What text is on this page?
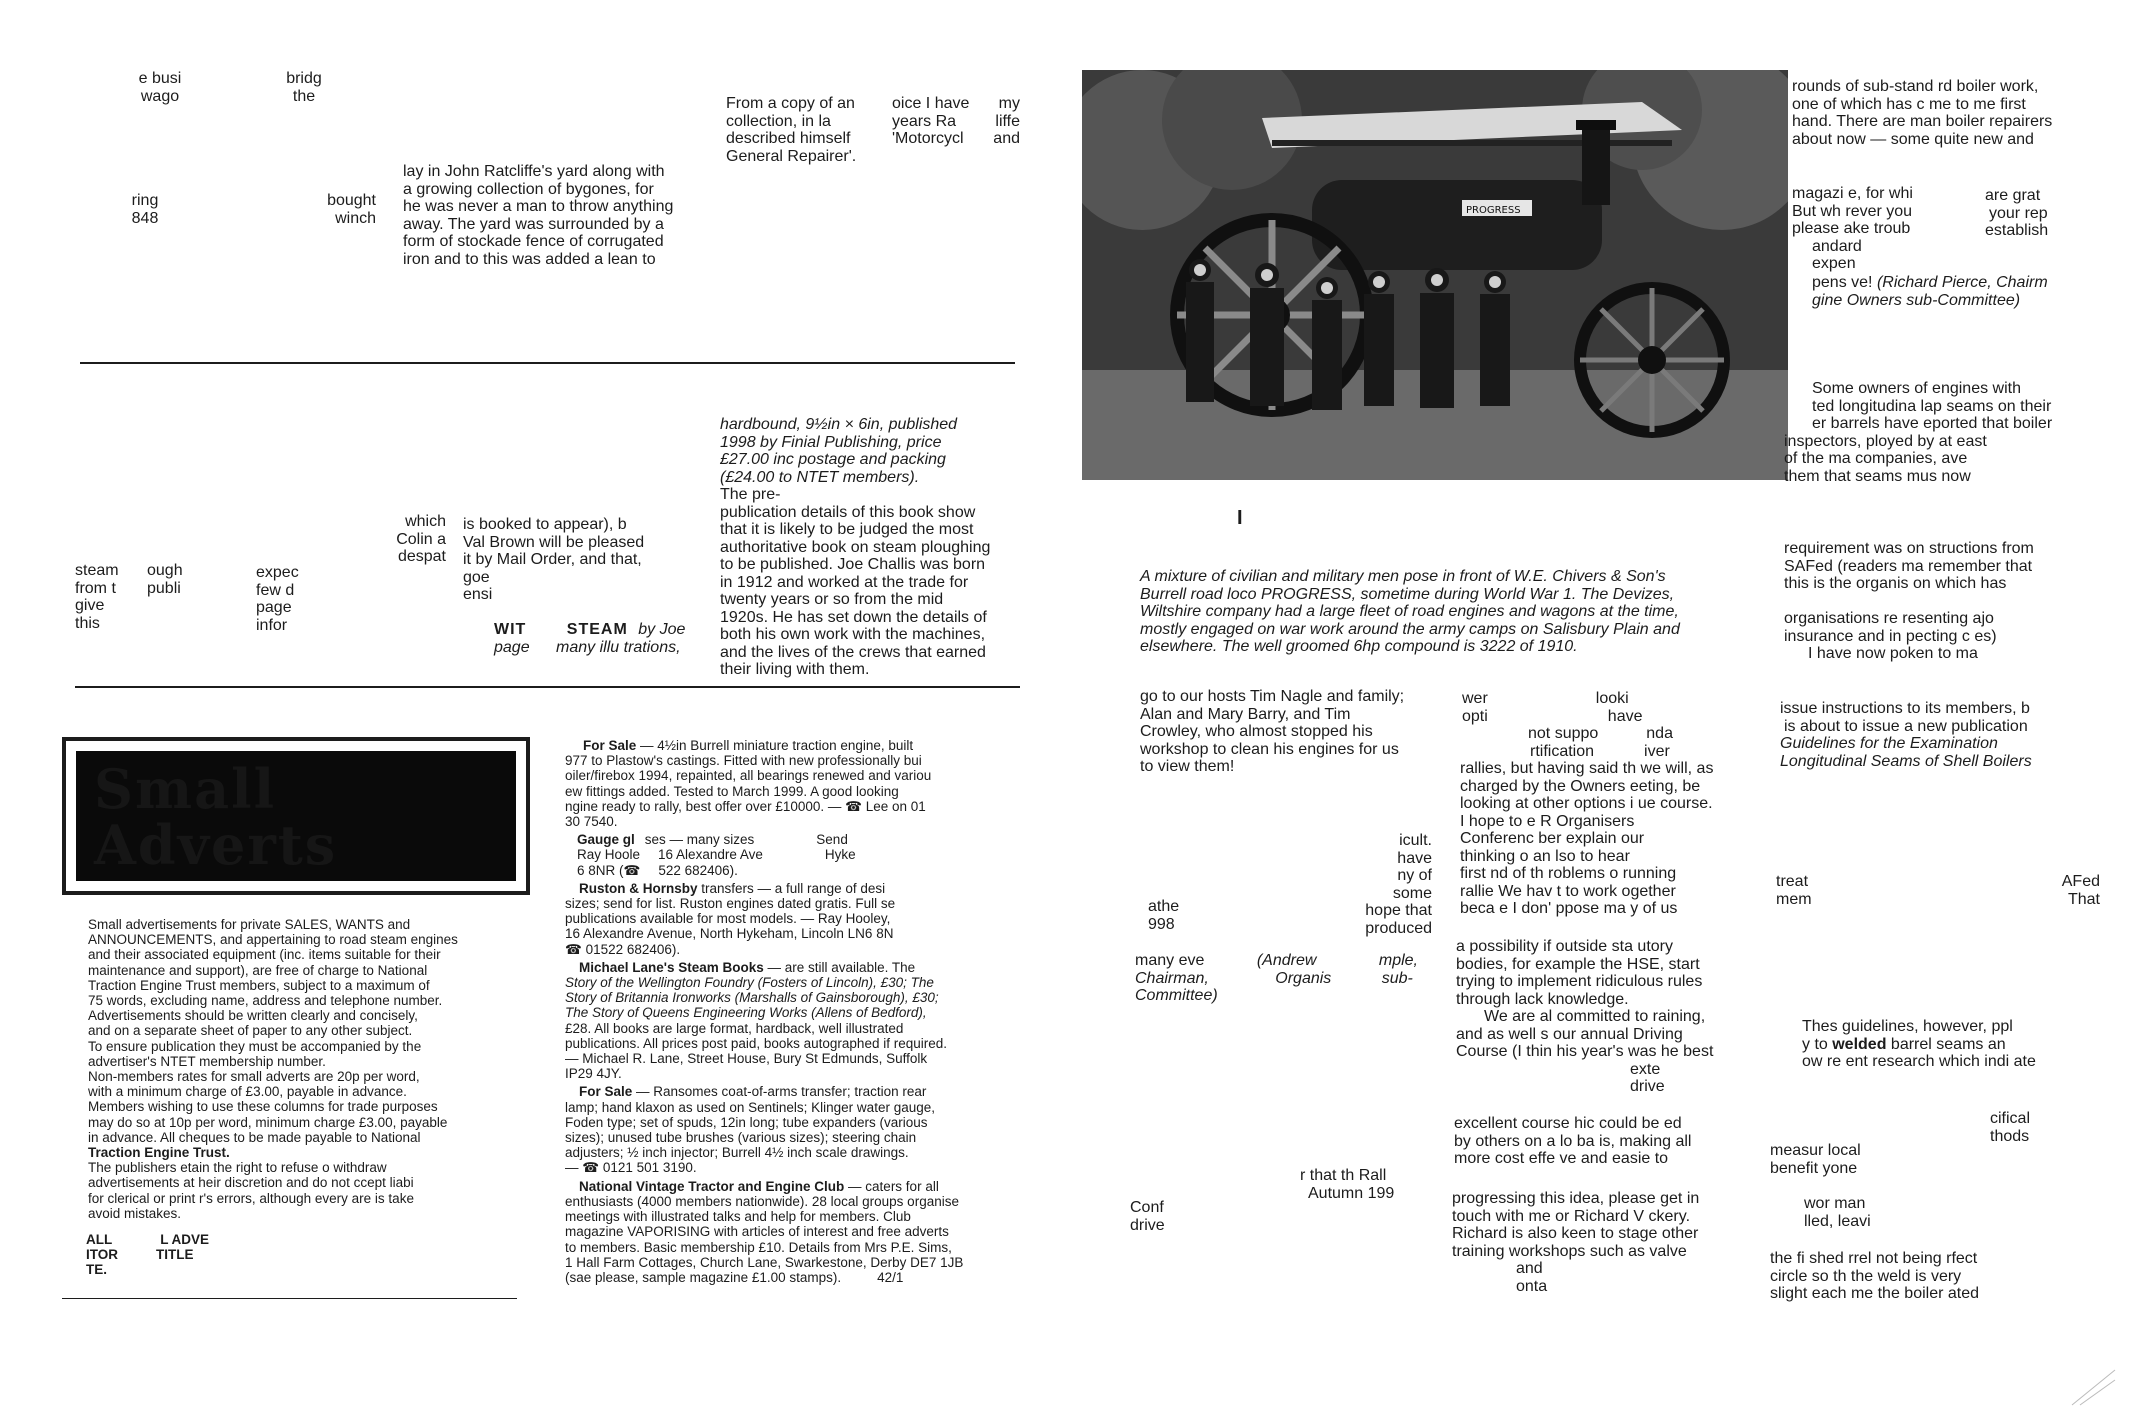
e busi
wago
bridg
the
ring
848
bought
winch
lay in John Ratcliffe's yard along with
a growing collection of bygones, for
he was never a man to throw anything
away. The yard was surrounded by a
form of stockade fence of corrugated
iron and to this was added a lean to
From a copy of an
collection, in la
described himself
General Repairer'.
oice I have
years Ra
'Motorcycl
my
liffe
and
steam
from t
give
this
ough
publi
expec
few d
page
infor
which
Colin a
despat
is booked to appear), b
Val Brown will be pleased
it by Mail Order, and that,
goe
ensi
WIT	STEAM by Joe
page many illu trations,
hardbound, 9½in × 6in, published
1998 by Finial Publishing, price
£27.00 inc postage and packing
(£24.00 to NTET members).
The pre-
publication details of this book show
that it is likely to be judged the most
authoritative book on steam ploughing
to be published. Joe Challis was born
in 1912 and worked at the trade for
twenty years or so from the mid
1920s. He has set down the details of
both his own work with the machines,
and the lives of the crews that earned
their living with them.
Small Adverts
Small advertisements for private SALES, WANTS and
ANNOUNCEMENTS, and appertaining to road steam engines
and their associated equipment (inc. items suitable for their
maintenance and support), are free of charge to National
Traction Engine Trust members, subject to a maximum of
75 words, excluding name, address and telephone number.
Advertisements should be written clearly and concisely,
and on a separate sheet of paper to any other subject.
To ensure publication they must be accompanied by the
advertiser's NTET membership number.
Non-members rates for small adverts are 20p per word,
with a minimum charge of £3.00, payable in advance.
Members wishing to use these columns for trade purposes
may do so at 10p per word, minimum charge £3.00, payable
in advance. All cheques to be made payable to National
Traction Engine Trust.
The publishers etain the right to refuse o withdraw
advertisements at heir discretion and do not ccept liabi
for clerical or print r's errors, although every are is take
avoid mistakes.
ALL	L ADVE
ITOR	TITLE
TE.
For Sale — 4½in Burrell miniature traction engine, built
977 to Plastow's castings. Fitted with new professionally bui
oiler/firebox 1994, repainted, all bearings renewed and variou
ew fittings added. Tested to March 1999. A good looking
ngine ready to rally, best offer over £10000. — ☎ Lee on 01
30 7540.
Gauge gl ses — many sizes	Send
Ray Hoole 16 Alexandre Ave	Hyke
6 8NR (☎ 522 682406).
Ruston & Hornsby transfers — a full range of desi
sizes; send for list. Ruston engines dated gratis. Full se
publications available for most models. — Ray Hooley,
16 Alexandre Avenue, North Hykeham, Lincoln LN6 8N
☎ 01522 682406).
Michael Lane's Steam Books — are still available. The
Story of the Wellington Foundry (Fosters of Lincoln), £30; The
Story of Britannia Ironworks (Marshalls of Gainsborough), £30;
The Story of Queens Engineering Works (Allens of Bedford),
£28. All books are large format, hardback, well illustrated
publications. All prices post paid, books autographed if required.
— Michael R. Lane, Street House, Bury St Edmunds, Suffolk
IP29 4JY.
For Sale — Ransomes coat-of-arms transfer; traction rear
lamp; hand klaxon as used on Sentinels; Klinger water gauge,
Foden type; set of spuds, 12in long; tube expanders (various
sizes); unused tube brushes (various sizes); steering chain
adjusters; ½ inch injector; Burrell 4½ inch scale drawings.
— ☎ 0121 501 3190.
National Vintage Tractor and Engine Club — caters for all
enthusiasts (4000 members nationwide). 28 local groups organise
meetings with illustrated talks and help for members. Club
magazine VAPORISING with articles of interest and free adverts
to members. Basic membership £10. Details from Mrs P.E. Sims,
1 Hall Farm Cottages, Church Lane, Swarkestone, Derby DE7 1JB
(sae please, sample magazine £1.00 stamps).	42/1
PROGRESS
I
A mixture of civilian and military men pose in front of W.E. Chivers & Son's
Burrell road loco PROGRESS, sometime during World War 1. The Devizes,
Wiltshire company had a large fleet of road engines and wagons at the time,
mostly engaged on war work around the army camps on Salisbury Plain and
elsewhere. The well groomed 6hp compound is 3222 of 1910.
rounds of sub-stand rd boiler work,
one of which has c me to me first
hand. There are man boiler repairers
about now — some quite new and
magazi e, for whi
But wh rever you
please ake troub
andard
expen
are grat
your rep
establish
pens ve! (Richard Pierce, Chairm
gine Owners sub-Committee)
Some owners of engines with
ted longitudina lap seams on their
er barrels have eported that boiler
inspectors, ployed by at east
of the ma companies, ave
them that seams mus now
requirement was on structions from
SAFed (readers ma remember that
this is the organis on which has
organisations re resenting ajo
insurance and in pecting c es)
I have now poken to ma
issue instructions to its members, b
is about to issue a new publication
Guidelines for the Examination
Longitudinal Seams of Shell Boilers
treat
mem
AFed
That
Thes guidelines, however, ppl
y to welded barrel seams an
ow re ent research which indi ate
cifical
thods
measur local
benefit yone
wor man
lled, leavi
the fi shed rrel not being rfect
circle so th the weld is very
slight each me the boiler ated
go to our hosts Tim Nagle and family;
Alan and Mary Barry, and Tim
Crowley, who almost stopped his
workshop to clean his engines for us
to view them!
icult.
have
ny of
some
hope that
produced
athe
998
many eve	(Andrew	mple,
Chairman,	Organis	sub-
Committee)
r that th Rall
Autumn 199
Conf
drive
wer	looki
opti	have
not suppo	nda
rtification	iver
rallies, but having said th we will, as
charged by the Owners eeting, be
looking at other options i ue course.
I hope to e R Organisers
Conferenc ber explain our
thinking o an lso to hear
first nd of th roblems o running
rallie We hav t to work ogether
beca e I don' ppose ma y of us
a possibility if outside sta utory
bodies, for example the HSE, start
trying to implement ridiculous rules
through lack knowledge.
We are al committed to raining,
and as well s our annual Driving
Course (I thin his year's was he best
exte
drive
excellent course hic could be ed
by others on a lo ba is, making all
more cost effe ve and easie to
progressing this idea, please get in
touch with me or Richard V ckery.
Richard is also keen to stage other
training workshops such as valve
and
onta
